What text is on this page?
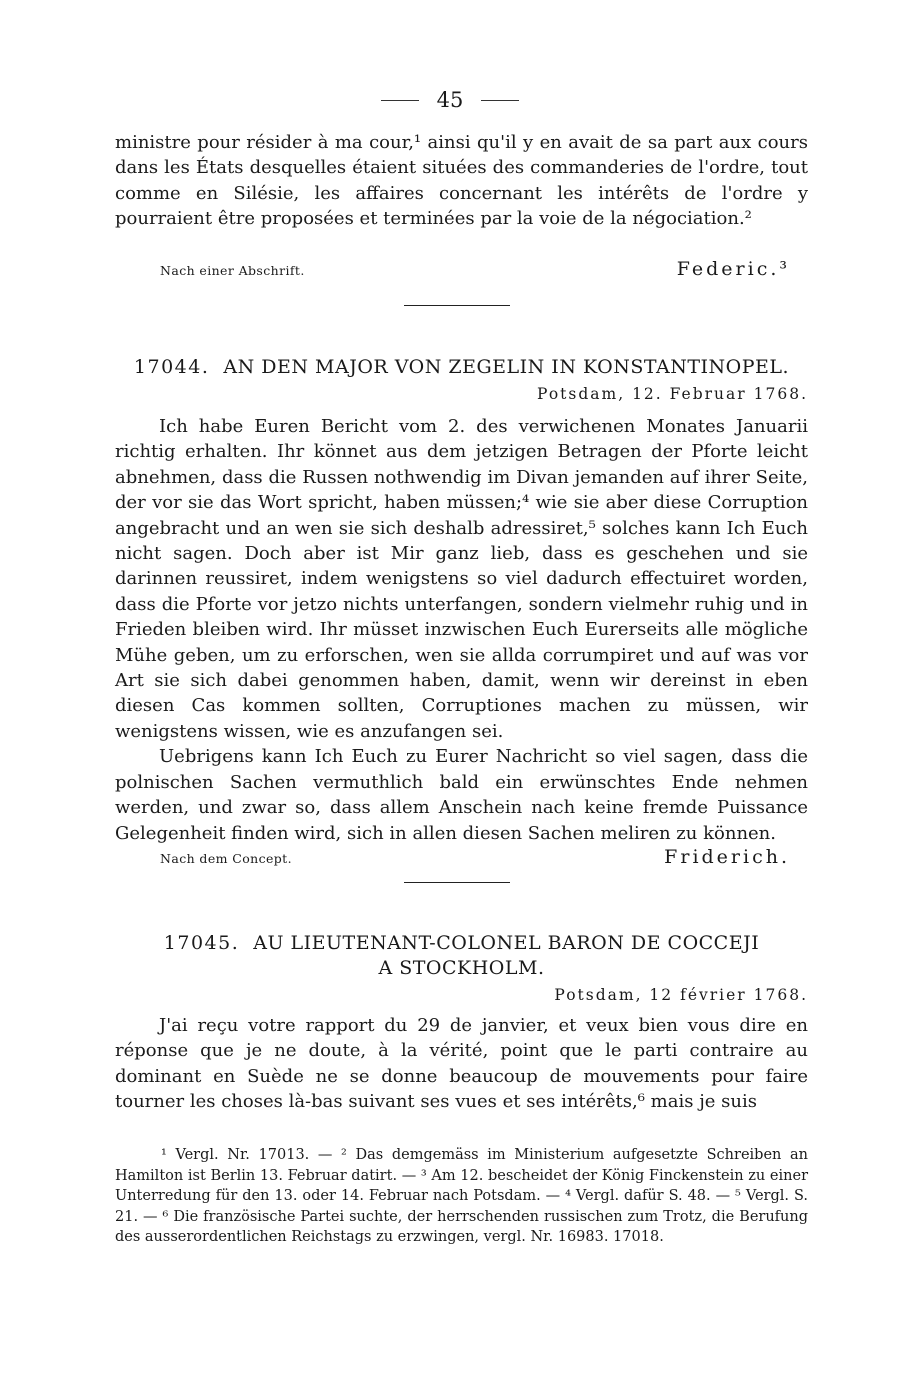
45

ministre pour résider à ma cour,¹ ainsi qu'il y en avait de sa part aux cours dans les États desquelles étaient situées des commanderies de l'ordre, tout comme en Silésie, les affaires concernant les intérêts de l'ordre y pourraient être proposées et terminées par la voie de la négociation.²

Nach einer Abschrift.	Federic.³
17044. AN DEN MAJOR VON ZEGELIN IN KONSTANTINOPEL.
Potsdam, 12. Februar 1768.

Ich habe Euren Bericht vom 2. des verwichenen Monates Januarii richtig erhalten. Ihr könnet aus dem jetzigen Betragen der Pforte leicht abnehmen, dass die Russen nothwendig im Divan jemanden auf ihrer Seite, der vor sie das Wort spricht, haben müssen;⁴ wie sie aber diese Corruption angebracht und an wen sie sich deshalb adressiret,⁵ solches kann Ich Euch nicht sagen. Doch aber ist Mir ganz lieb, dass es geschehen und sie darinnen reussiret, indem wenigstens so viel dadurch effectuiret worden, dass die Pforte vor jetzo nichts unterfangen, sondern vielmehr ruhig und in Frieden bleiben wird. Ihr müsset inzwischen Euch Eurerseits alle mögliche Mühe geben, um zu erforschen, wen sie allda corrumpiret und auf was vor Art sie sich dabei genommen haben, damit, wenn wir dereinst in eben diesen Cas kommen sollten, Corruptiones machen zu müssen, wir wenigstens wissen, wie es anzufangen sei.

Uebrigens kann Ich Euch zu Eurer Nachricht so viel sagen, dass die polnischen Sachen vermuthlich bald ein erwünschtes Ende nehmen werden, und zwar so, dass allem Anschein nach keine fremde Puissance Gelegenheit finden wird, sich in allen diesen Sachen meliren zu können.

Nach dem Concept.	Friderich.
17045. AU LIEUTENANT-COLONEL BARON DE COCCEJI
A STOCKHOLM.
Potsdam, 12 février 1768.

J'ai reçu votre rapport du 29 de janvier, et veux bien vous dire en réponse que je ne doute, à la vérité, point que le parti contraire au dominant en Suède ne se donne beaucoup de mouvements pour faire tourner les choses là-bas suivant ses vues et ses intérêts,⁶ mais je suis

¹ Vergl. Nr. 17013. — ² Das demgemäss im Ministerium aufgesetzte Schreiben an Hamilton ist Berlin 13. Februar datirt. — ³ Am 12. bescheidet der König Finckenstein zu einer Unterredung für den 13. oder 14. Februar nach Potsdam. — ⁴ Vergl. dafür S. 48. — ⁵ Vergl. S. 21. — ⁶ Die französische Partei suchte, der herrschenden russischen zum Trotz, die Berufung des ausserordentlichen Reichstags zu erzwingen, vergl. Nr. 16983. 17018.
